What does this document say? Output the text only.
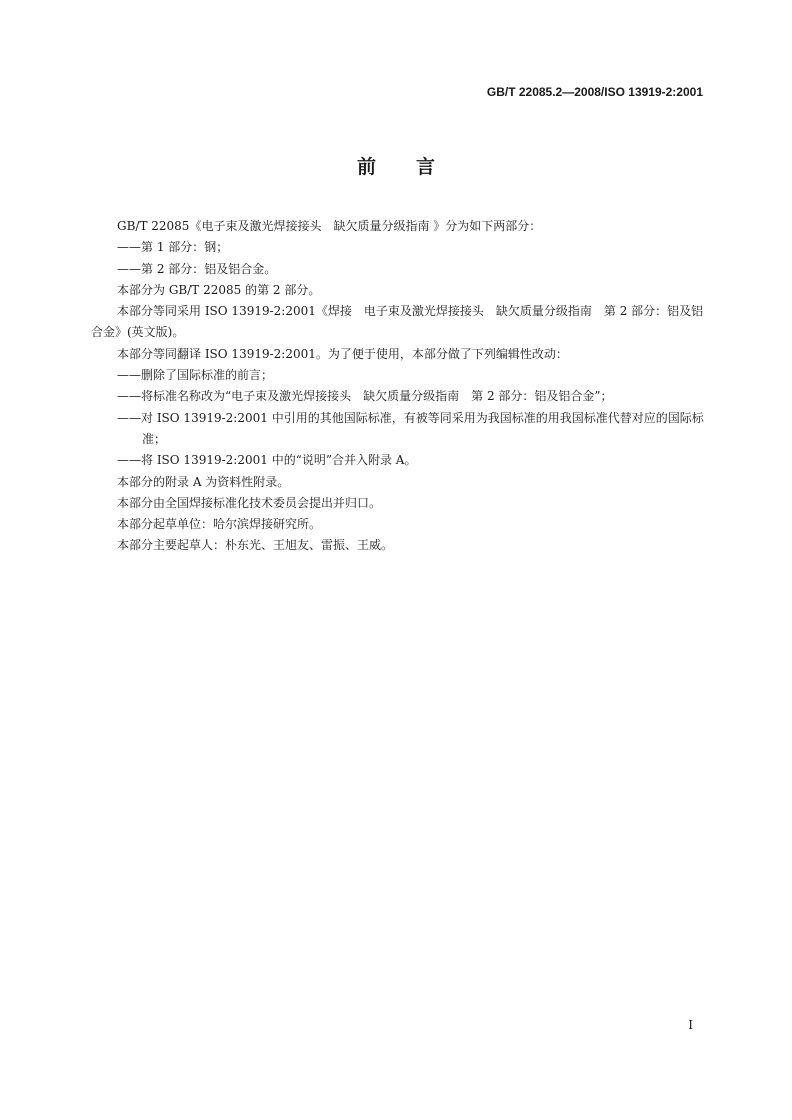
GB/T 22085.2—2008/ISO 13919-2:2001
前言

GB/T 22085《电子束及激光焊接接头　缺欠质量分级指南 》分为如下两部分：

——第 1 部分：钢；

——第 2 部分：铝及铝合金。

本部分为 GB/T 22085 的第 2 部分。

本部分等同采用 ISO 13919-2:2001《焊接　电子束及激光焊接接头　缺欠质量分级指南　第 2 部分：铝及铝合金》(英文版)。

本部分等同翻译 ISO 13919-2:2001。为了便于使用，本部分做了下列编辑性改动：

——删除了国际标准的前言；

——将标准名称改为“电子束及激光焊接接头　缺欠质量分级指南　第 2 部分：铝及铝合金”；

——对 ISO 13919-2:2001 中引用的其他国际标准，有被等同采用为我国标准的用我国标准代替对应的国际标准；

——将 ISO 13919-2:2001 中的“说明”合并入附录 A。

本部分的附录 A 为资料性附录。

本部分由全国焊接标准化技术委员会提出并归口。

本部分起草单位：哈尔滨焊接研究所。

本部分主要起草人：朴东光、王旭友、雷振、王威。

I
